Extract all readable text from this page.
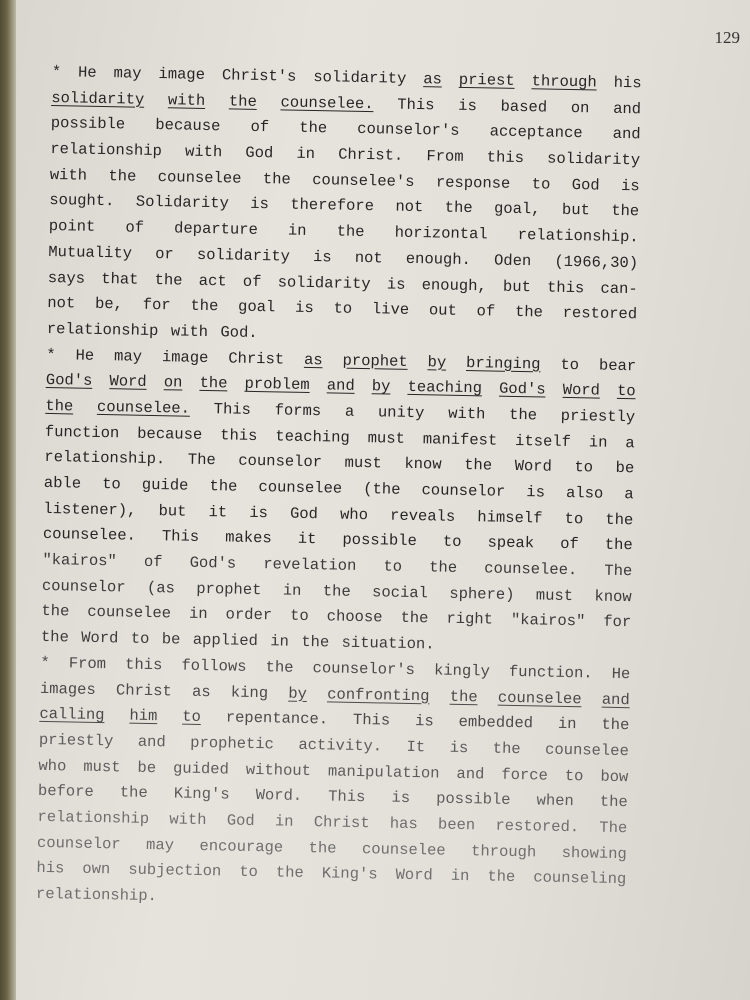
129
* He may image Christ's solidarity as priest through his
solidarity with the counselee. This is based on and
possible because of the counselor's acceptance and
relationship with God in Christ. From this solidarity
with the counselee the counselee's response to God is
sought. Solidarity is therefore not the goal, but the
point of departure in the horizontal relationship.
Mutuality or solidarity is not enough. Oden (1966,30)
says that the act of solidarity is enough, but this can-
not be, for the goal is to live out of the restored
relationship with God.
* He may image Christ as prophet by bringing to bear
God's Word on the problem and by teaching God's Word to
the counselee. This forms a unity with the priestly
function because this teaching must manifest itself in a
relationship. The counselor must know the Word to be
able to guide the counselee (the counselor is also a
listener), but it is God who reveals himself to the
counselee. This makes it possible to speak of the
"kairos" of God's revelation to the counselee. The
counselor (as prophet in the social sphere) must know
the counselee in order to choose the right "kairos" for
the Word to be applied in the situation.
* From this follows the counselor's kingly function. He
images Christ as king by confronting the counselee and
calling him to repentance. This is embedded in the
priestly and prophetic activity. It is the counselee
who must be guided without manipulation and force to bow
before the King's Word. This is possible when the
relationship with God in Christ has been restored. The
counselor may encourage the counselee through showing
his own subjection to the King's Word in the counseling
relationship.
